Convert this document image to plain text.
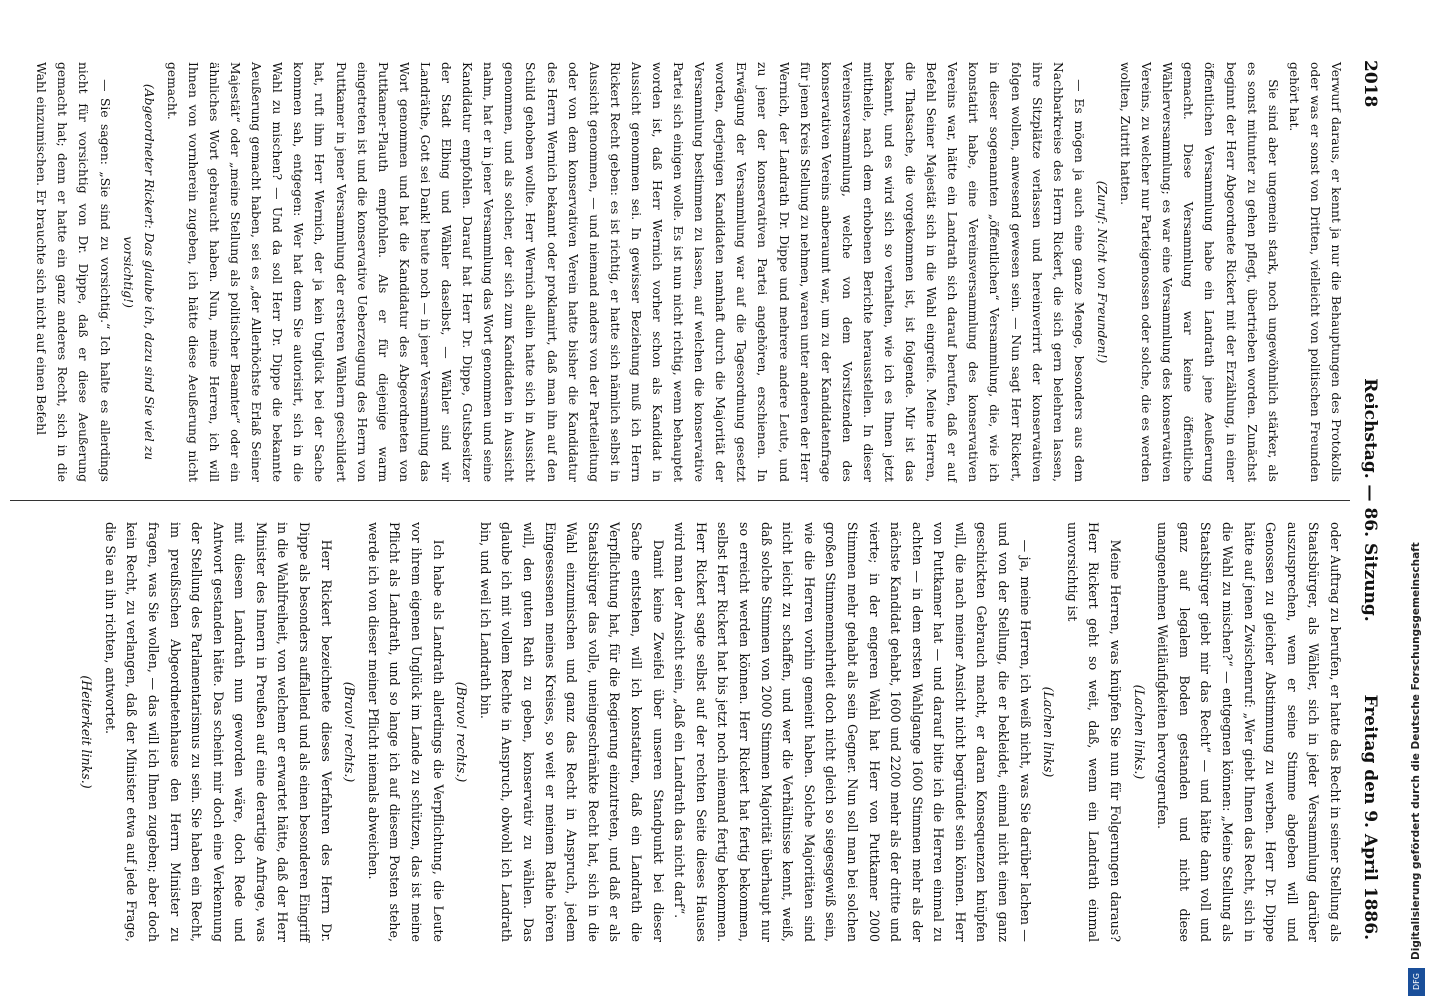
2018
Reichstag. — 86. Sitzung.
Freitag den 9. April 1886.

Verwurf daraus, er kennt ja nur die Behauptungen des Protokolls oder was er sonst von Dritten, vielleicht von politischen Freunden gehört hat.

Sie sind aber ungemein stark, noch ungewöhnlich stärker, als es sonst mitunter zu gehen pflegt, übertrieben worden. Zunächst beginnt der Herr Abgeordnete Rickert mit der Erzählung, in einer öffentlichen Versammlung habe ein Landrath jene Aeußerung gemacht. Diese Versammlung war keine öffentliche Wählerversammlung; es war eine Versammlung des konservativen Vereins, zu welcher nur Parteigenossen oder solche, die es werden wollten, Zutritt hatten.

(Zuruf: Nicht von Freunden!)

— Es mögen ja auch eine ganze Menge, besonders aus dem Nachbarkreise des Herrn Rickert, die sich gern belehren lassen, ihre Sitzplätze verlassen und hereinverirrt der konservativen folgen wollen, anwesend gewesen sein. — Nun sagt Herr Rickert, in dieser sogenannten „öffentlichen“ Versammlung, die, wie ich konstatirt habe, eine Vereinsversammlung des konservativen Vereins war, hätte ein Landrath sich darauf berufen, daß er auf Befehl Seiner Majestät sich in die Wahl eingreife. Meine Herren, die Thatsache, die vorgekommen ist, ist folgende. Mir ist das bekannt, und es wird sich so verhalten, wie ich es Ihnen jetzt mittheile, nach dem erhobenen Berichte herausstellen. In dieser Vereinsversammlung, welche von dem Vorsitzenden des konservativen Vereins anberaumt war, um zu der Kandidatenfrage für jenen Kreis Stellung zu nehmen, waren unter anderen der Herr Wernich, der Landrath Dr. Dippe und mehrere andere Leute, und zu jener der konservativen Partei angehören, erschienen. In Erwägung der Versammlung war auf die Tagesordnung gesetzt worden, derjenigen Kandidaten namhaft durch die Majorität der Versammlung bestimmen zu lassen, auf welchen die konservative Partei sich einigen wolle. Es ist nun nicht richtig, wenn behauptet worden ist, daß Herr Wernich vorher schon als Kandidat in Aussicht genommen sei. In gewisser Beziehung muß ich Herrn Rickert Recht geben: es ist richtig, er hatte sich nämlich selbst in Aussicht genommen, — und niemand anders von der Parteileitung oder von dem konservativen Verein hatte bisher die Kandidatur des Herrn Wernich bekannt oder proklamirt, daß man ihn auf den Schild gehoben wollte. Herr Wernich allein hatte sich in Aussicht genommen, und als solcher, der sich zum Kandidaten in Aussicht nahm, hat er in jener Versammlung das Wort genommen und seine Kandidatur empfohlen. Darauf hat Herr Dr. Dippe, Gutsbesitzer der Stadt Elbing und Wähler daselbst, — Wähler sind wir Landräthe, Gott sei Dank! heute noch — in jener Versammlung das Wort genommen und hat die Kandidatur des Abgeordneten von Puttkamer-Plauth empfohlen. Als er für diejenige warm eingetreten ist und die konservative Ueberzeugung des Herrn von Puttkamer in jener Versammlung der ersteren Wählern geschildert hat, ruft ihm Herr Wernich, der ja kein Unglück bei der Sache kommen sah, entgegen: Wer hat denn Sie autorisirt, sich in die Wahl zu mischen? — Und da soll Herr Dr. Dippe die bekannte Aeußerung gemacht haben, sei es „der Allerhöchste Erlaß Seiner Majestät“ oder „meine Stellung als politischer Beamter“ oder ein ähnliches Wort gebraucht haben. Nun, meine Herren, ich will Ihnen von vornherein zugeben, ich hätte diese Aeußerung nicht gemacht.

(Abgeordneter Rickert: Das glaube ich, dazu sind Sie viel zu vorsichtig!)

— Sie sagen: „Sie sind zu vorsichtig.“ Ich halte es allerdings nicht für vorsichtig von Dr. Dippe, daß er diese Aeußerung gemacht hat; denn er hatte ein ganz anderes Recht, sich in die Wahl einzumischen. Er brauchte sich nicht auf einen Befehl

oder Auftrag zu berufen, er hatte das Recht in seiner Stellung als Staatsbürger, als Wähler, sich in jeder Versammlung darüber auszusprechen, wem er seine Stimme abgeben will und Genossen zu gleicher Abstimmung zu werben. Herr Dr. Dippe hätte auf jenen Zwischenruf: „Wer giebt Ihnen das Recht, sich in die Wahl zu mischen?“ — entgegnen können: „Meine Stellung als Staatsbürger giebt mir das Recht“ — und hätte dann voll und ganz auf legalem Boden gestanden und nicht diese unangenehmen Weitläufigkeiten hervorgerufen.

(Lachen links.)

Meine Herren, was knüpfen Sie nun für Folgerungen daraus? Herr Rickert geht so weit, daß, wenn ein Landrath einmal unvorsichtig ist

(Lachen links)

— ja, meine Herren, ich weiß nicht, was Sie darüber lachen — und von der Stellung, die er bekleidet, einmal nicht einen ganz geschickten Gebrauch macht, er daran Konsequenzen knüpfen will, die nach meiner Ansicht nicht begründet sein können. Herr von Puttkamer hat — und darauf bitte ich die Herren einmal zu achten — in dem ersten Wahlgange 1600 Stimmen mehr als der nächste Kandidat gehabt, 1600 und 2200 mehr als der dritte und vierte; in der engeren Wahl hat Herr von Puttkamer 2000 Stimmen mehr gehabt als sein Gegner. Nun soll man bei solchen großen Stimmenmehrheit doch nicht gleich so siegesgewiß sein, wie die Herren vorhin gemeint haben. Solche Majoritäten sind nicht leicht zu schaffen, und wer die Verhältnisse kennt, weiß, daß solche Stimmen von 2000 Stimmen Majorität überhaupt nur so erreicht werden können. Herr Rickert hat fertig bekommen, selbst Herr Rickert hat bis jetzt noch niemand fertig bekommen. Herr Rickert sagte selbst auf der rechten Seite dieses Hauses wird man der Ansicht sein, „daß ein Landrath das nicht darf“.

Damit keine Zweifel über unseren Standpunkt bei dieser Sache entstehen, will ich konstatiren, daß ein Landrath die Verpflichtung hat, für die Regierung einzutreten, und daß er als Staatsbürger das volle, uneingeschränkte Recht hat, sich in die Wahl einzumischen und ganz das Recht in Anspruch, jedem Eingesessenen meines Kreises, so weit er meinem Rathe hören will, den guten Rath zu geben, konservativ zu wählen. Das glaube ich mit vollem Rechte in Anspruch, obwohl ich Landrath bin, und weil ich Landrath bin.

(Bravo! rechts.)

Ich habe als Landrath allerdings die Verpflichtung, die Leute vor ihrem eigenen Unglück im Lande zu schützen, das ist meine Pflicht als Landrath, und so lange ich auf diesem Posten stehe, werde ich von dieser meiner Pflicht niemals abweichen.

(Bravo! rechts.)

Herr Rickert bezeichnete dieses Verfahren des Herrn Dr. Dippe als besonders auffallend und als einen besonderen Eingriff in die Wahlfreiheit, von welchem er erwartet hätte, daß der Herr Minister des Innern in Preußen auf eine derartige Anfrage, was mit diesem Landrath nun geworden wäre, doch Rede und Antwort gestanden hätte. Das scheint mir doch eine Verkennung der Stellung des Parlamentarismus zu sein. Sie haben ein Recht, im preußischen Abgeordnetenhause den Herrn Minister zu fragen, was Sie wollen, — das will ich Ihnen zugeben; aber doch kein Recht, zu verlangen, daß der Minister etwa auf jede Frage, die Sie an ihn richten, antwortet.

(Heiterkeit links.)	Digitalisierung gefördert durch die Deutsche Forschungsgemeinschaft
DFG
